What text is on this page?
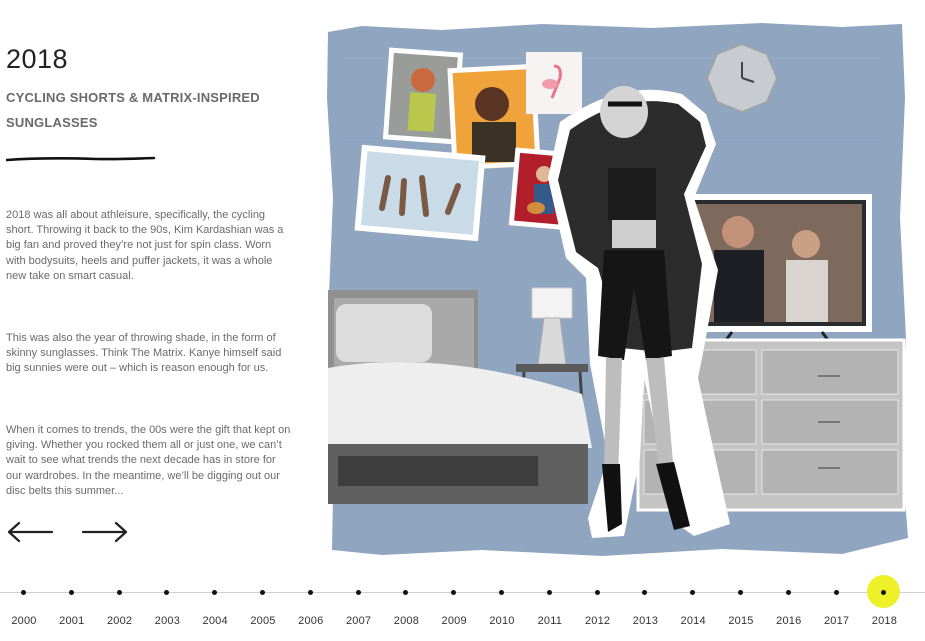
2018
CYCLING SHORTS & MATRIX-INSPIRED SUNGLASSES

2018 was all about athleisure, specifically, the cycling short. Throwing it back to the 90s, Kim Kardashian was a big fan and proved they’re not just for spin class. Worn with bodysuits, heels and puffer jackets, it was a whole new take on smart casual.

This was also the year of throwing shade, in the form of skinny sunglasses. Think The Matrix. Kanye himself said big sunnies were out – which is reason enough for us.

When it comes to trends, the 00s were the gift that kept on giving. Whether you rocked them all or just one, we can’t wait to see what trends the next decade has in store for our wardrobes. In the meantime, we’ll be digging out our disc belts this summer...

2000	2001	2002	2003	2004	2005	2006	2007	2008	2009	2010	2011	2012	2013	2014	2015	2016	2017	2018
